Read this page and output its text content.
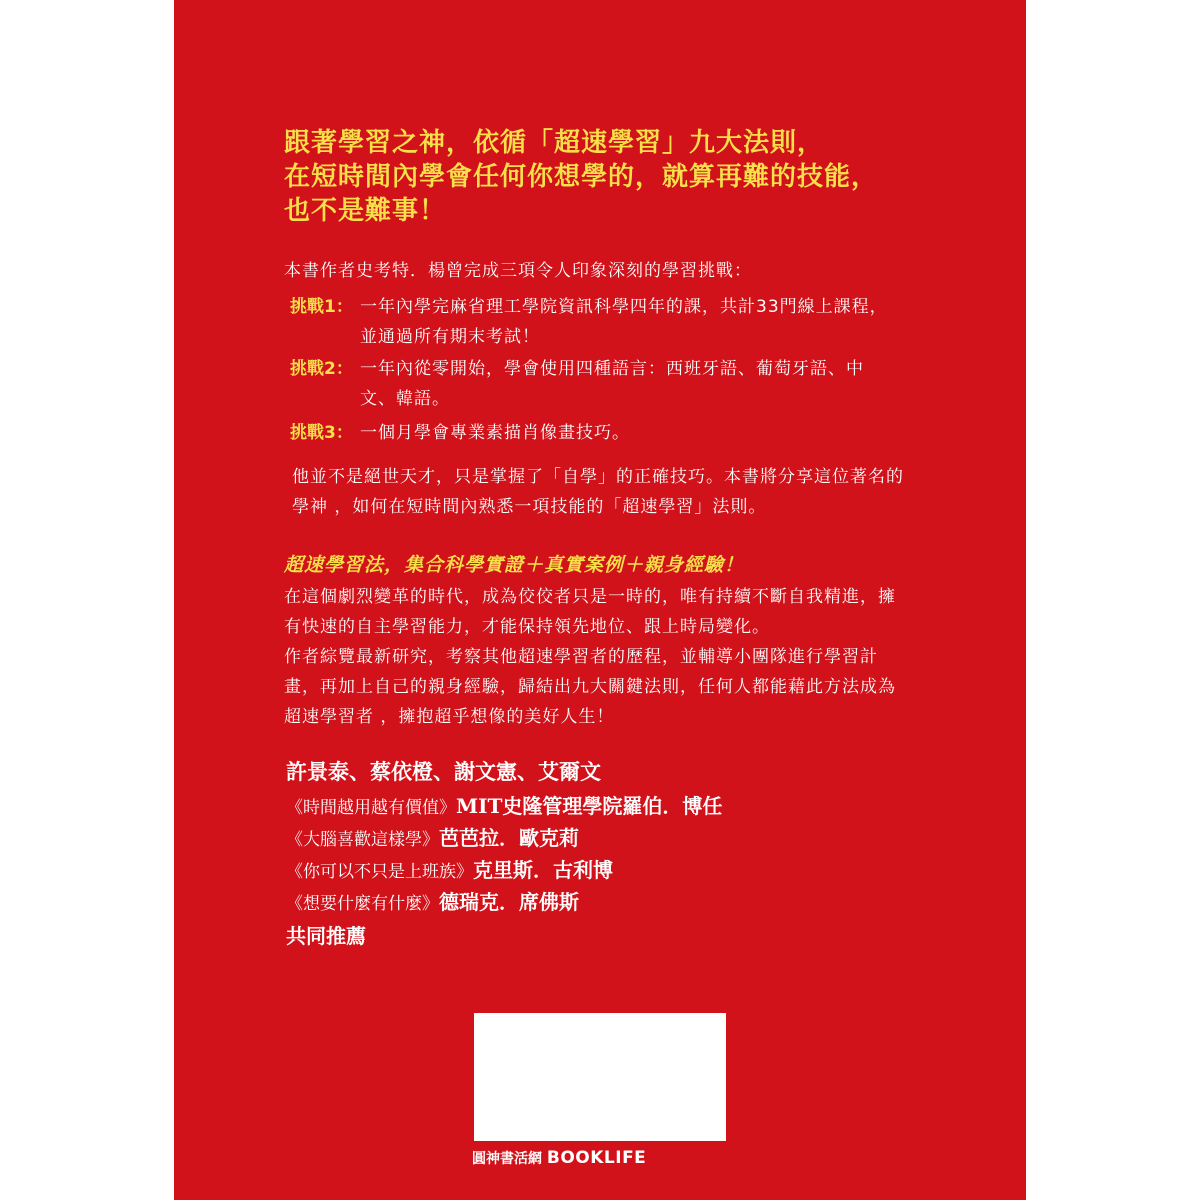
跟著學習之神，依循「超速學習」九大法則，
在短時間內學會任何你想學的，就算再難的技能，
也不是難事！
本書作者史考特．楊曾完成三項令人印象深刻的學習挑戰：
挑戰1： 一年內學完麻省理工學院資訊科學四年的課，共計33門線上課程，
並通過所有期末考試！
挑戰2： 一年內從零開始，學會使用四種語言：西班牙語、葡萄牙語、中
文、韓語。
挑戰3： 一個月學會專業素描肖像畫技巧。
他並不是絕世天才，只是掌握了「自學」的正確技巧。本書將分享這位著名的
學神 ，如何在短時間內熟悉一項技能的「超速學習」法則。
超速學習法，集合科學實證＋真實案例＋親身經驗！
在這個劇烈變革的時代，成為佼佼者只是一時的，唯有持續不斷自我精進，擁
有快速的自主學習能力，才能保持領先地位、跟上時局變化。
作者綜覽最新研究，考察其他超速學習者的歷程，並輔導小團隊進行學習計
畫，再加上自己的親身經驗，歸結出九大關鍵法則，任何人都能藉此方法成為
超速學習者 ，擁抱超乎想像的美好人生！
許景泰、蔡依橙、謝文憲、艾爾文
《時間越用越有價值》MIT史隆管理學院羅伯．博任
《大腦喜歡這樣學》芭芭拉．歐克莉
《你可以不只是上班族》克里斯．古利博
《想要什麼有什麼》德瑞克．席佛斯
共同推薦
圓神書活網 BOOKLIFE
